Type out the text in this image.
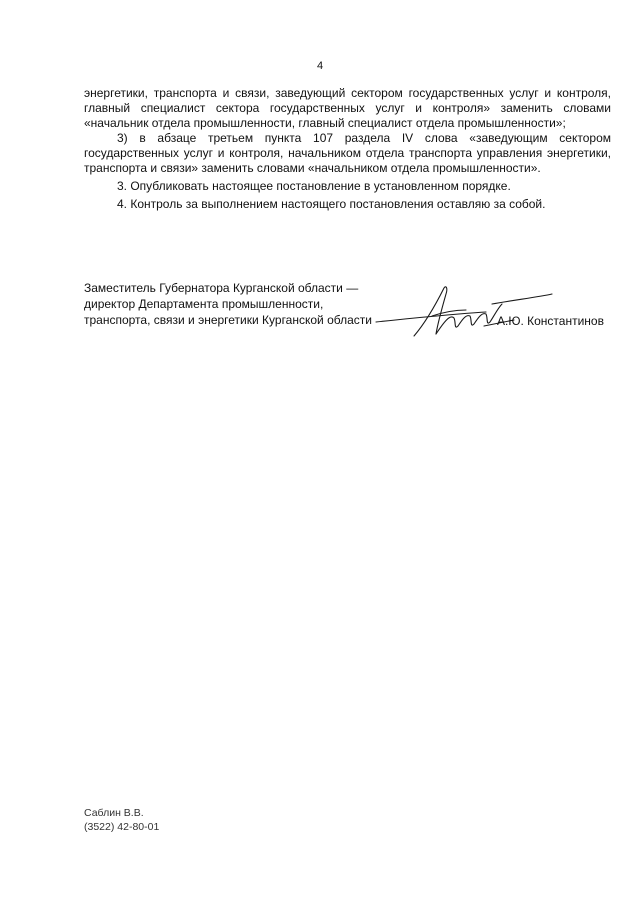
4

энергетики, транспорта и связи, заведующий сектором государственных услуг и контроля, главный специалист сектора государственных услуг и контроля» заменить словами «начальник отдела промышленности, главный специалист отдела промышленности»;

3) в абзаце третьем пункта 107 раздела IV слова «заведующим сектором государственных услуг и контроля, начальником отдела транспорта управления энергетики, транспорта и связи» заменить словами «начальником отдела промышленности».

3. Опубликовать настоящее постановление в установленном порядке.

4. Контроль за выполнением настоящего постановления оставляю за собой.

Заместитель Губернатора Курганской области —
директор Департамента промышленности,
транспорта, связи и энергетики Курганской области	А.Ю. Константинов
Саблин В.В.
(3522) 42-80-01
